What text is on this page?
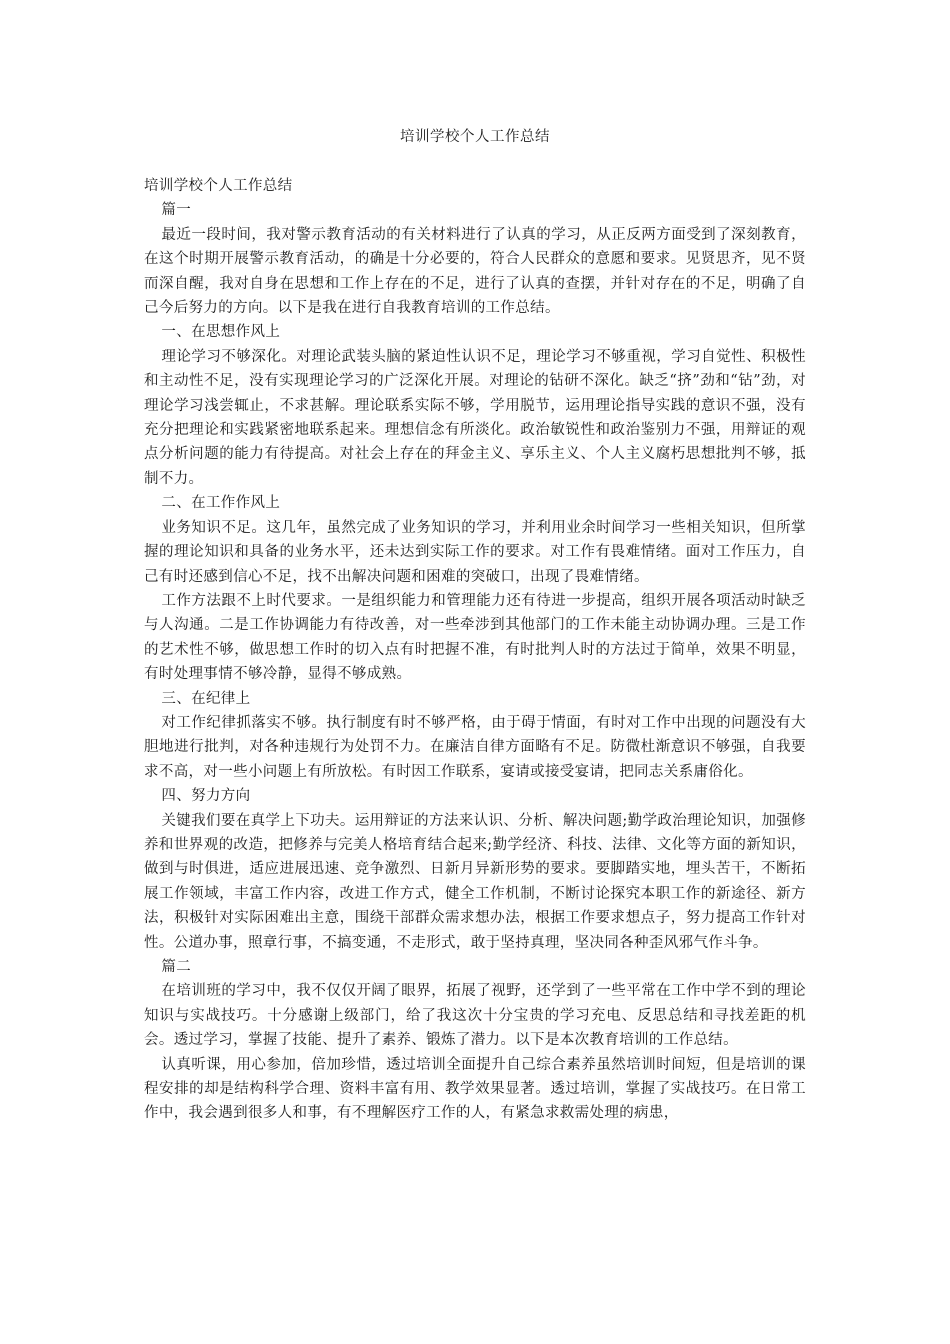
培训学校个人工作总结

培训学校个人工作总结

篇一

最近一段时间，我对警示教育活动的有关材料进行了认真的学习，从正反两方面受到了深刻教育，在这个时期开展警示教育活动，的确是十分必要的，符合人民群众的意愿和要求。见贤思齐，见不贤而深自醒，我对自身在思想和工作上存在的不足，进行了认真的查摆，并针对存在的不足，明确了自己今后努力的方向。以下是我在进行自我教育培训的工作总结。

一、在思想作风上

理论学习不够深化。对理论武装头脑的紧迫性认识不足，理论学习不够重视，学习自觉性、积极性和主动性不足，没有实现理论学习的广泛深化开展。对理论的钻研不深化。缺乏“挤”劲和“钻”劲，对理论学习浅尝辄止，不求甚解。理论联系实际不够，学用脱节，运用理论指导实践的意识不强，没有充分把理论和实践紧密地联系起来。理想信念有所淡化。政治敏锐性和政治鉴别力不强，用辩证的观点分析问题的能力有待提高。对社会上存在的拜金主义、享乐主义、个人主义腐朽思想批判不够，抵制不力。

二、在工作作风上

业务知识不足。这几年，虽然完成了业务知识的学习，并利用业余时间学习一些相关知识，但所掌握的理论知识和具备的业务水平，还未达到实际工作的要求。对工作有畏难情绪。面对工作压力，自己有时还感到信心不足，找不出解决问题和困难的突破口，出现了畏难情绪。

工作方法跟不上时代要求。一是组织能力和管理能力还有待进一步提高，组织开展各项活动时缺乏与人沟通。二是工作协调能力有待改善，对一些牵涉到其他部门的工作未能主动协调办理。三是工作的艺术性不够，做思想工作时的切入点有时把握不准，有时批判人时的方法过于简单，效果不明显，有时处理事情不够冷静，显得不够成熟。

三、在纪律上

对工作纪律抓落实不够。执行制度有时不够严格，由于碍于情面，有时对工作中出现的问题没有大胆地进行批判，对各种违规行为处罚不力。在廉洁自律方面略有不足。防微杜渐意识不够强，自我要求不高，对一些小问题上有所放松。有时因工作联系，宴请或接受宴请，把同志关系庸俗化。

四、努力方向

关键我们要在真学上下功夫。运用辩证的方法来认识、分析、解决问题;勤学政治理论知识，加强修养和世界观的改造，把修养与完美人格培育结合起来;勤学经济、科技、法律、文化等方面的新知识，做到与时俱进，适应进展迅速、竞争激烈、日新月异新形势的要求。要脚踏实地，埋头苦干，不断拓展工作领域，丰富工作内容，改进工作方式，健全工作机制，不断讨论探究本职工作的新途径、新方法，积极针对实际困难出主意，围绕干部群众需求想办法，根据工作要求想点子，努力提高工作针对性。公道办事，照章行事，不搞变通，不走形式，敢于坚持真理，坚决同各种歪风邪气作斗争。

篇二

在培训班的学习中，我不仅仅开阔了眼界，拓展了视野，还学到了一些平常在工作中学不到的理论知识与实战技巧。十分感谢上级部门，给了我这次十分宝贵的学习充电、反思总结和寻找差距的机会。透过学习，掌握了技能、提升了素养、锻炼了潜力。以下是本次教育培训的工作总结。

认真听课，用心参加，倍加珍惜，透过培训全面提升自己综合素养虽然培训时间短，但是培训的课程安排的却是结构科学合理、资料丰富有用、教学效果显著。透过培训，掌握了实战技巧。在日常工作中，我会遇到很多人和事，有不理解医疗工作的人，有紧急求救需处理的病患，
